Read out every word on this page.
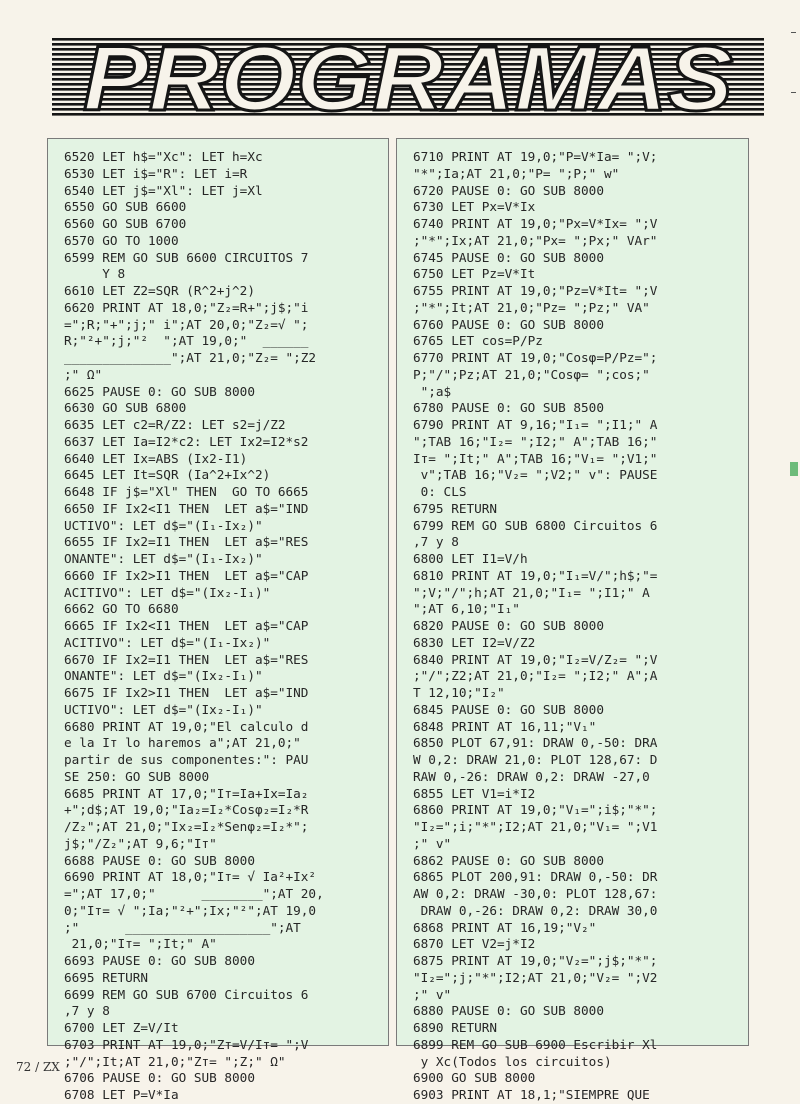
PROGRAMAS
6520 LET h$="Xc": LET h=Xc
6530 LET i$="R": LET i=R
6540 LET j$="Xl": LET j=Xl
6550 GO SUB 6600
6560 GO SUB 6700
6570 GO TO 1000
6599 REM GO SUB 6600 CIRCUITOS 7
Y 8
6610 LET Z2=SQR (R^2+j^2)
6620 PRINT AT 18,0;"Z₂=R+";j$;"i
=";R;"+";j;" i";AT 20,0;"Z₂=√ ";
R;"²+";j;"²  ";AT 19,0;"  ______
______________";AT 21,0;"Z₂= ";Z2
;" Ω"
6625 PAUSE 0: GO SUB 8000
6630 GO SUB 6800
6635 LET c2=R/Z2: LET s2=j/Z2
6637 LET Ia=I2*c2: LET Ix2=I2*s2
6640 LET Ix=ABS (Ix2-I1)
6645 LET It=SQR (Ia^2+Ix^2)
6648 IF j$="Xl" THEN  GO TO 6665
6650 IF Ix2<I1 THEN  LET a$="IND
UCTIVO": LET d$="(I₁-Ix₂)"
6655 IF Ix2=I1 THEN  LET a$="RES
ONANTE": LET d$="(I₁-Ix₂)"
6660 IF Ix2>I1 THEN  LET a$="CAP
ACITIVO": LET d$="(Ix₂-I₁)"
6662 GO TO 6680
6665 IF Ix2<I1 THEN  LET a$="CAP
ACITIVO": LET d$="(I₁-Ix₂)"
6670 IF Ix2=I1 THEN  LET a$="RES
ONANTE": LET d$="(Ix₂-I₁)"
6675 IF Ix2>I1 THEN  LET a$="IND
UCTIVO": LET d$="(Ix₂-I₁)"
6680 PRINT AT 19,0;"El calculo d
e la Iт lo haremos a";AT 21,0;"
partir de sus componentes:": PAU
SE 250: GO SUB 8000
6685 PRINT AT 17,0;"Iт=Ia+Ix=Ia₂
+";d$;AT 19,0;"Ia₂=I₂*Cosφ₂=I₂*R
/Z₂";AT 21,0;"Ix₂=I₂*Senφ₂=I₂*";
j$;"/Z₂";AT 9,6;"Iт"
6688 PAUSE 0: GO SUB 8000
6690 PRINT AT 18,0;"Iт= √ Ia²+Ix²
=";AT 17,0;"      ________";AT 20,
0;"Iт= √ ";Ia;"²+";Ix;"²";AT 19,0
;"      ___________________";AT
21,0;"Iт= ";It;" A"
6693 PAUSE 0: GO SUB 8000
6695 RETURN
6699 REM GO SUB 6700 Circuitos 6
,7 y 8
6700 LET Z=V/It
6703 PRINT AT 19,0;"Zт=V/Iт= ";V
;"/";It;AT 21,0;"Zт= ";Z;" Ω"
6706 PAUSE 0: GO SUB 8000
6708 LET P=V*Ia
6710 PRINT AT 19,0;"P=V*Ia= ";V;
"*";Ia;AT 21,0;"P= ";P;" w"
6720 PAUSE 0: GO SUB 8000
6730 LET Px=V*Ix
6740 PRINT AT 19,0;"Px=V*Ix= ";V
;"*";Ix;AT 21,0;"Px= ";Px;" VAr"
6745 PAUSE 0: GO SUB 8000
6750 LET Pz=V*It
6755 PRINT AT 19,0;"Pz=V*It= ";V
;"*";It;AT 21,0;"Pz= ";Pz;" VA"
6760 PAUSE 0: GO SUB 8000
6765 LET cos=P/Pz
6770 PRINT AT 19,0;"Cosφ=P/Pz=";
P;"/";Pz;AT 21,0;"Cosφ= ";cos;"
";a$
6780 PAUSE 0: GO SUB 8500
6790 PRINT AT 9,16;"I₁= ";I1;" A
";TAB 16;"I₂= ";I2;" A";TAB 16;"
Iт= ";It;" A";TAB 16;"V₁= ";V1;"
v";TAB 16;"V₂= ";V2;" v": PAUSE
0: CLS
6795 RETURN
6799 REM GO SUB 6800 Circuitos 6
,7 y 8
6800 LET I1=V/h
6810 PRINT AT 19,0;"I₁=V/";h$;"=
";V;"/";h;AT 21,0;"I₁= ";I1;" A
";AT 6,10;"I₁"
6820 PAUSE 0: GO SUB 8000
6830 LET I2=V/Z2
6840 PRINT AT 19,0;"I₂=V/Z₂= ";V
;"/";Z2;AT 21,0;"I₂= ";I2;" A";A
T 12,10;"I₂"
6845 PAUSE 0: GO SUB 8000
6848 PRINT AT 16,11;"V₁"
6850 PLOT 67,91: DRAW 0,-50: DRA
W 0,2: DRAW 21,0: PLOT 128,67: D
RAW 0,-26: DRAW 0,2: DRAW -27,0
6855 LET V1=i*I2
6860 PRINT AT 19,0;"V₁=";i$;"*";
"I₂=";i;"*";I2;AT 21,0;"V₁= ";V1
;" v"
6862 PAUSE 0: GO SUB 8000
6865 PLOT 200,91: DRAW 0,-50: DR
AW 0,2: DRAW -30,0: PLOT 128,67:
DRAW 0,-26: DRAW 0,2: DRAW 30,0
6868 PRINT AT 16,19;"V₂"
6870 LET V2=j*I2
6875 PRINT AT 19,0;"V₂=";j$;"*";
"I₂=";j;"*";I2;AT 21,0;"V₂= ";V2
;" v"
6880 PAUSE 0: GO SUB 8000
6890 RETURN
6899 REM GO SUB 6900 Escribir Xl
y Xc(Todos los circuitos)
6900 GO SUB 8000
6903 PRINT AT 18,1;"SIEMPRE QUE
72 / ZX
